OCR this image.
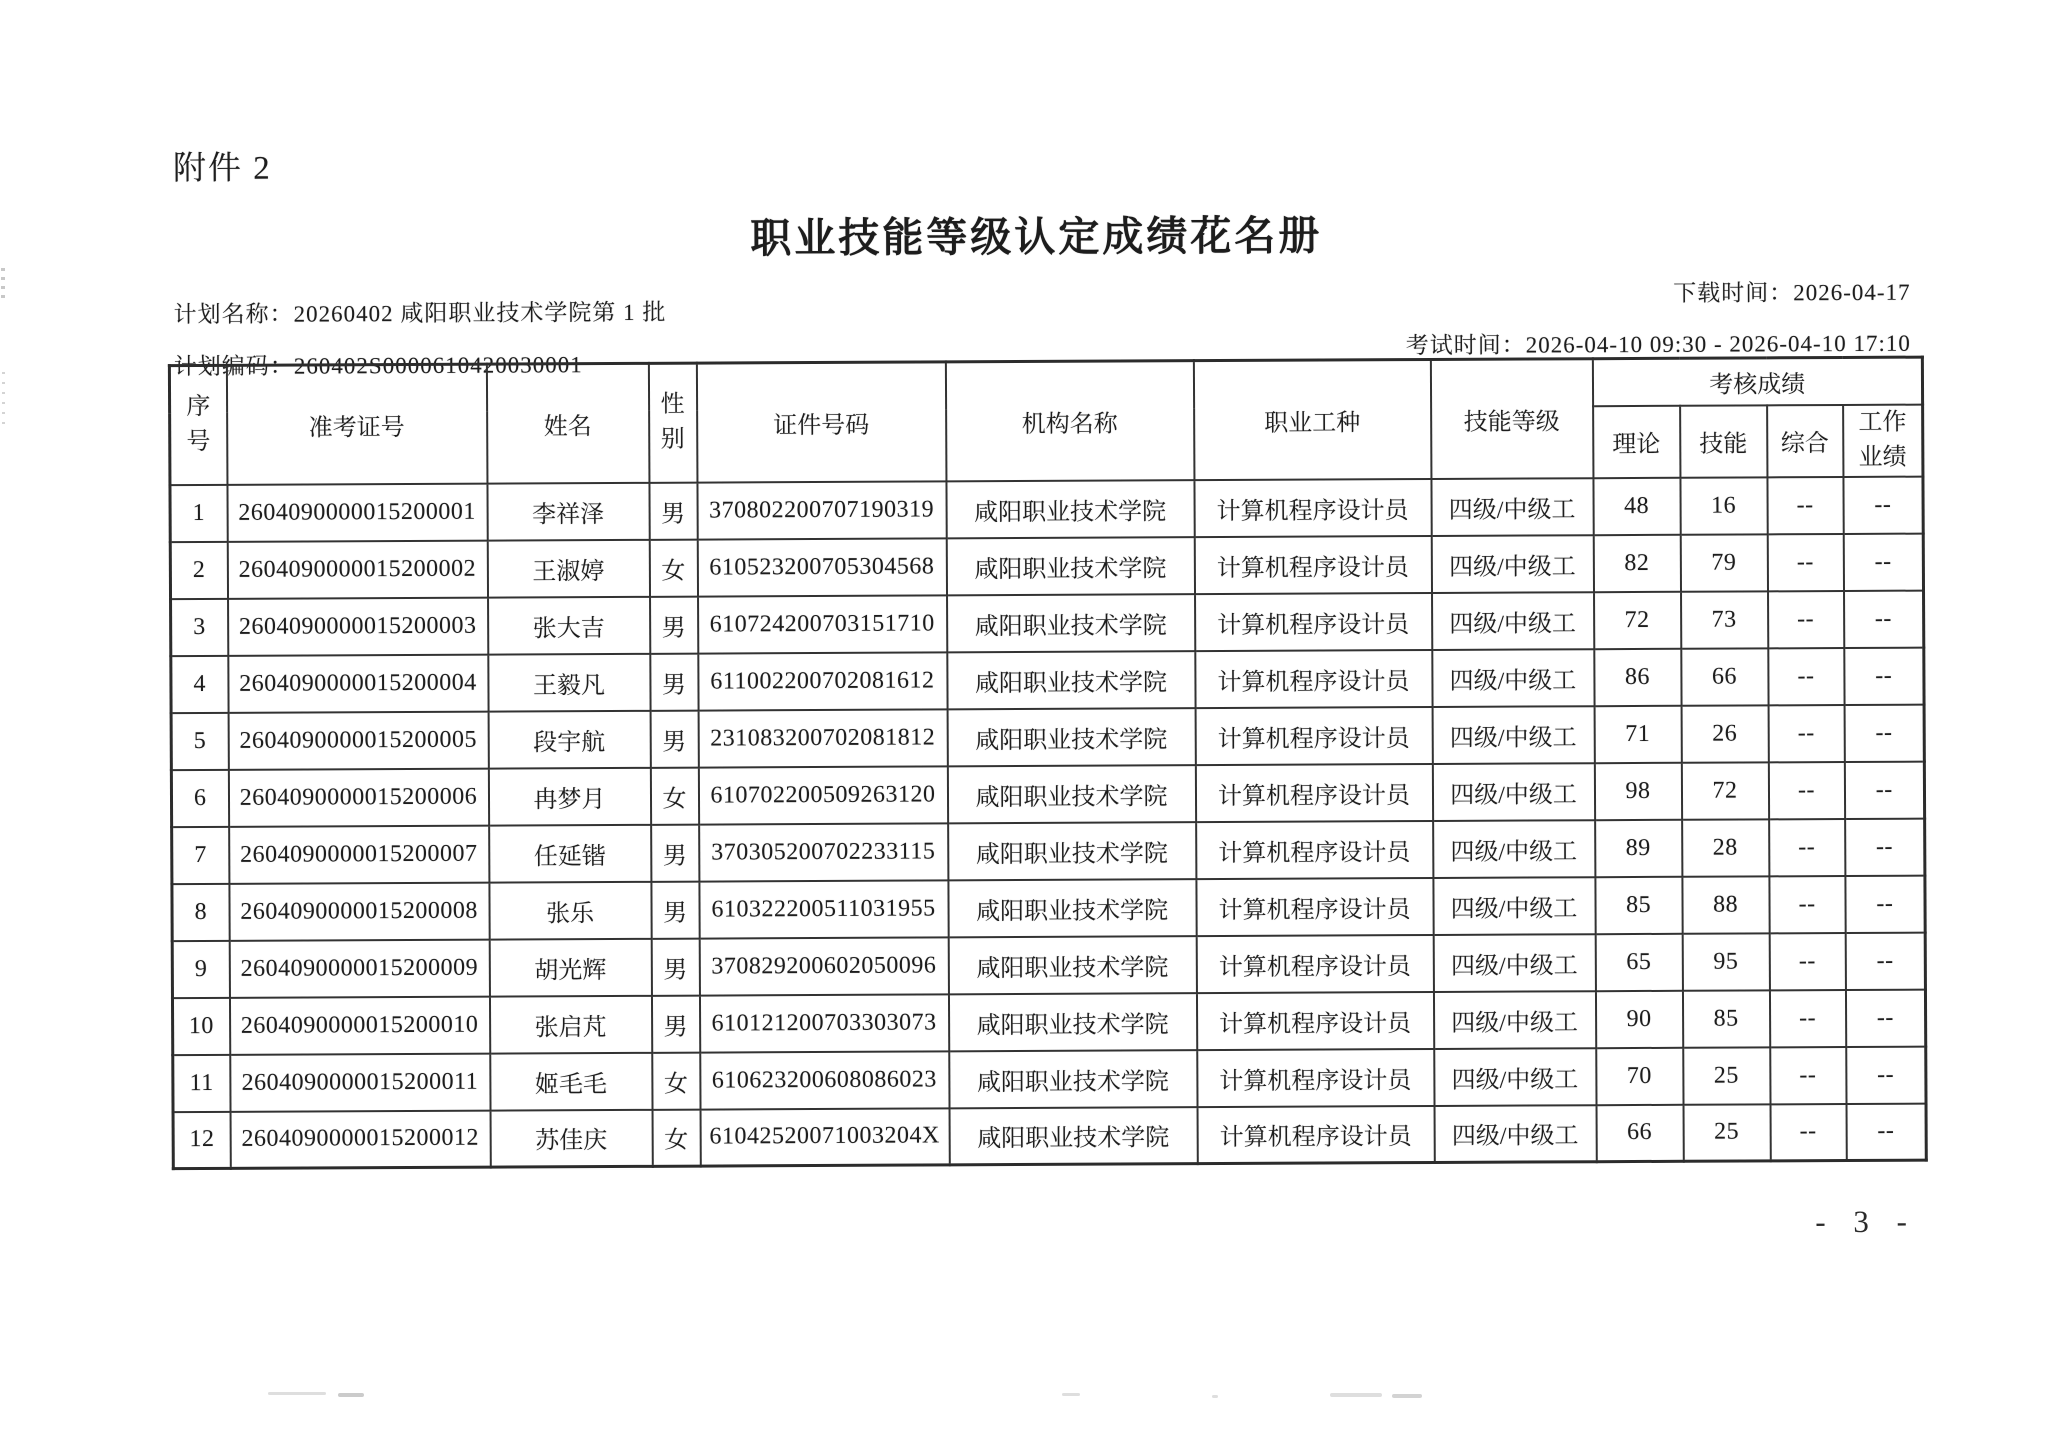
附件 2
职业技能等级认定成绩花名册
计划名称：20260402 咸阳职业技术学院第 1 批
计划编码：260402S0000610420030001
下载时间：2026-04-17
考试时间：2026-04-10 09:30 - 2026-04-10 17:10
序号	准考证号	姓名	性别	证件号码	机构名称	职业工种	技能等级	考核成绩			
								理论	技能	综合	工作业绩
1	2604090000015200001	李祥泽	男	370802200707190319	咸阳职业技术学院	计算机程序设计员	四级/中级工	48	16	--	--
2	2604090000015200002	王淑婷	女	610523200705304568	咸阳职业技术学院	计算机程序设计员	四级/中级工	82	79	--	--
3	2604090000015200003	张大吉	男	610724200703151710	咸阳职业技术学院	计算机程序设计员	四级/中级工	72	73	--	--
4	2604090000015200004	王毅凡	男	611002200702081612	咸阳职业技术学院	计算机程序设计员	四级/中级工	86	66	--	--
5	2604090000015200005	段宇航	男	231083200702081812	咸阳职业技术学院	计算机程序设计员	四级/中级工	71	26	--	--
6	2604090000015200006	冉梦月	女	610702200509263120	咸阳职业技术学院	计算机程序设计员	四级/中级工	98	72	--	--
7	2604090000015200007	任延锴	男	370305200702233115	咸阳职业技术学院	计算机程序设计员	四级/中级工	89	28	--	--
8	2604090000015200008	张乐	男	610322200511031955	咸阳职业技术学院	计算机程序设计员	四级/中级工	85	88	--	--
9	2604090000015200009	胡光辉	男	370829200602050096	咸阳职业技术学院	计算机程序设计员	四级/中级工	65	95	--	--
10	2604090000015200010	张启芃	男	610121200703303073	咸阳职业技术学院	计算机程序设计员	四级/中级工	90	85	--	--
11	2604090000015200011	姬毛毛	女	610623200608086023	咸阳职业技术学院	计算机程序设计员	四级/中级工	70	25	--	--
12	2604090000015200012	苏佳庆	女	61042520071003204X	咸阳职业技术学院	计算机程序设计员	四级/中级工	66	25	--	--
- 3 -
